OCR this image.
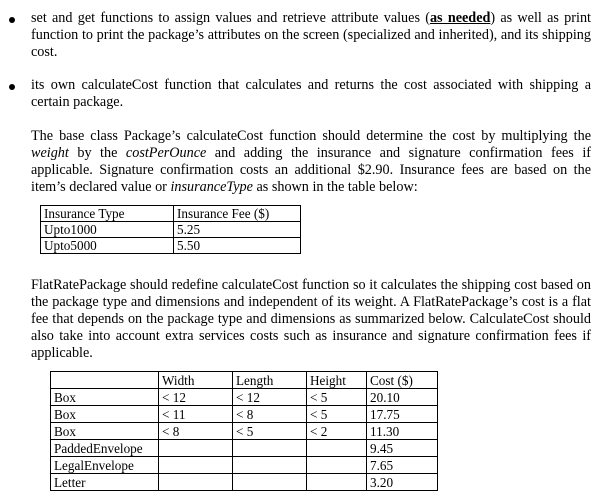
set and get functions to assign values and retrieve attribute values (as needed) as well as print function to print the package’s attributes on the screen (specialized and inherited), and its shipping cost.
its own calculateCost function that calculates and returns the cost associated with shipping a certain package.
The base class Package’s calculateCost function should determine the cost by multiplying the weight by the costPerOunce and adding the insurance and signature confirmation fees if applicable. Signature confirmation costs an additional $2.90. Insurance fees are based on the item’s declared value or insuranceType as shown in the table below:
Insurance Type	Insurance Fee ($)
Upto1000	5.25
Upto5000	5.50
FlatRatePackage should redefine calculateCost function so it calculates the shipping cost based on the package type and dimensions and independent of its weight. A FlatRatePackage’s cost is a flat fee that depends on the package type and dimensions as summarized below. CalculateCost should also take into account extra services costs such as insurance and signature confirmation fees if applicable.
	Width	Length	Height	Cost ($)
Box	< 12	< 12	< 5	20.10
Box	< 11	< 8	< 5	17.75
Box	< 8	< 5	< 2	11.30
PaddedEnvelope				9.45
LegalEnvelope				7.65
Letter				3.20
